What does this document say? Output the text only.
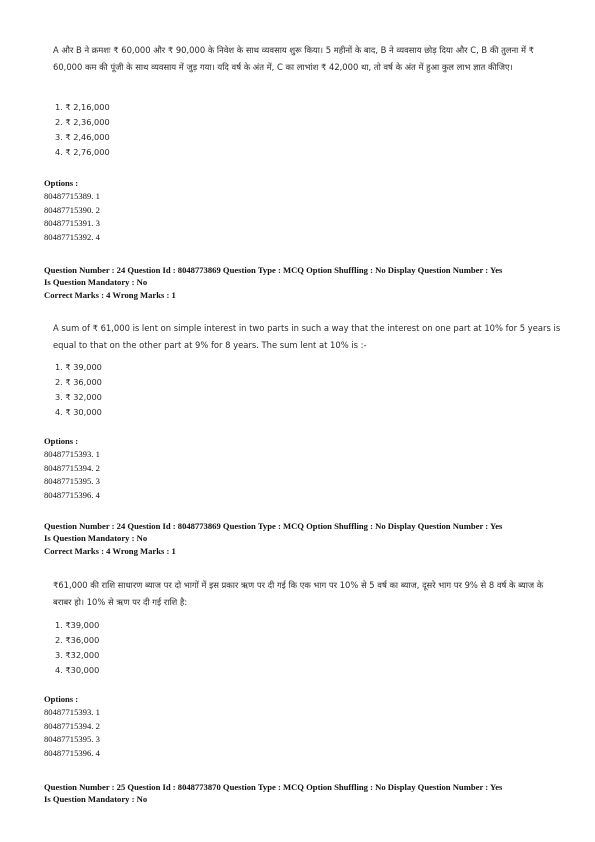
A और B ने क्रमशः ₹ 60,000 और ₹ 90,000 के निवेश के साथ व्यवसाय शुरू किया। 5 महीनों के बाद, B ने व्यवसाय छोड़ दिया और C, B की तुलना में ₹ 60,000 कम की पूंजी के साथ व्यवसाय में जुड़ गया। यदि वर्ष के अंत में, C का लाभांश ₹ 42,000 था, तो वर्ष के अंत में हुआ कुल लाभ ज्ञात कीजिए।
1. ₹ 2,16,000
2. ₹ 2,36,000
3. ₹ 2,46,000
4. ₹ 2,76,000
Options :
80487715389. 1
80487715390. 2
80487715391. 3
80487715392. 4
Question Number : 24 Question Id : 8048773869 Question Type : MCQ Option Shuffling : No Display Question Number : Yes
Is Question Mandatory : No
Correct Marks : 4 Wrong Marks : 1
A sum of ₹ 61,000 is lent on simple interest in two parts in such a way that the interest on one part at 10% for 5 years is equal to that on the other part at 9% for 8 years. The sum lent at 10% is :-
1. ₹ 39,000
2. ₹ 36,000
3. ₹ 32,000
4. ₹ 30,000
Options :
80487715393. 1
80487715394. 2
80487715395. 3
80487715396. 4
Question Number : 24 Question Id : 8048773869 Question Type : MCQ Option Shuffling : No Display Question Number : Yes
Is Question Mandatory : No
Correct Marks : 4 Wrong Marks : 1
₹61,000 की राशि साधारण ब्याज पर दो भागों में इस प्रकार ऋण पर दी गई कि एक भाग पर 10% से 5 वर्ष का ब्याज, दूसरे भाग पर 9% से 8 वर्ष के ब्याज के बराबर हो। 10% से ऋण पर दी गई राशि है:
1. ₹39,000
2. ₹36,000
3. ₹32,000
4. ₹30,000
Options :
80487715393. 1
80487715394. 2
80487715395. 3
80487715396. 4
Question Number : 25 Question Id : 8048773870 Question Type : MCQ Option Shuffling : No Display Question Number : Yes
Is Question Mandatory : No
